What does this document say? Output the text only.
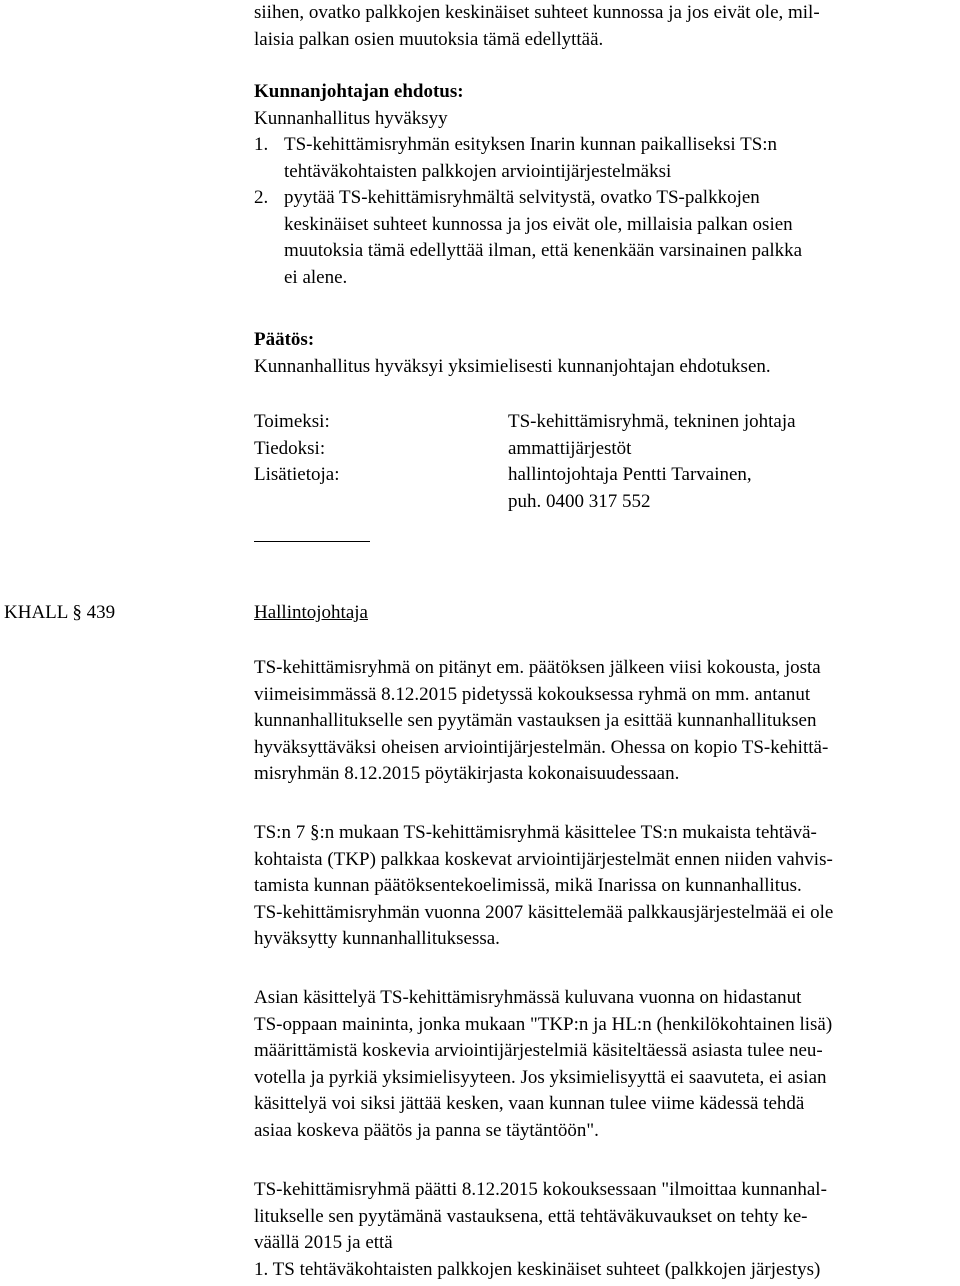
siihen, ovatko palkkojen keskinäiset suhteet kunnossa ja jos eivät ole, mil-
laisia palkan osien muutoksia tämä edellyttää.
Kunnanjohtajan ehdotus:
Kunnanhallitus hyväksyy
1. TS-kehittämisryhmän esityksen Inarin kunnan paikalliseksi TS:n
tehtäväkohtaisten palkkojen arviointijärjestelmäksi
2. pyytää TS-kehittämisryhmältä selvitystä, ovatko TS-palkkojen
keskinäiset suhteet kunnossa ja jos eivät ole, millaisia palkan osien
muutoksia tämä edellyttää ilman, että kenenkään varsinainen palkka
ei alene.
Päätös:
Kunnanhallitus hyväksyi yksimielisesti kunnanjohtajan ehdotuksen.
Toimeksi:	TS-kehittämisryhmä, tekninen johtaja
Tiedoksi:	ammattijärjestöt
Lisätietoja:	hallintojohtaja Pentti Tarvainen,
puh. 0400 317 552
KHALL § 439	Hallintojohtaja
TS-kehittämisryhmä on pitänyt em. päätöksen jälkeen viisi kokousta, josta
viimeisimmässä 8.12.2015 pidetyssä kokouksessa ryhmä on mm. antanut
kunnanhallitukselle sen pyytämän vastauksen ja esittää kunnanhallituksen
hyväksyttäväksi oheisen arviointijärjestelmän. Ohessa on kopio TS-kehittä-
misryhmän 8.12.2015 pöytäkirjasta kokonaisuudessaan.
TS:n 7 §:n mukaan TS-kehittämisryhmä käsittelee TS:n mukaista tehtävä-
kohtaista (TKP) palkkaa koskevat arviointijärjestelmät ennen niiden vahvis-
tamista kunnan päätöksentekoelimissä, mikä Inarissa on kunnanhallitus.
TS-kehittämisryhmän vuonna 2007 käsittelemää palkkausjärjestelmää ei ole
hyväksytty kunnanhallituksessa.
Asian käsittelyä TS-kehittämisryhmässä kuluvana vuonna on hidastanut
TS-oppaan maininta, jonka mukaan "TKP:n ja HL:n (henkilökohtainen lisä)
määrittämistä koskevia arviointijärjestelmiä käsiteltäessä asiasta tulee neu-
votella ja pyrkiä yksimielisyyteen. Jos yksimielisyyttä ei saavuteta, ei asian
käsittelyä voi siksi jättää kesken, vaan kunnan tulee viime kädessä tehdä
asiaa koskeva päätös ja panna se täytäntöön".
TS-kehittämisryhmä päätti 8.12.2015 kokouksessaan "ilmoittaa kunnanhal-
litukselle sen pyytämänä vastauksena, että tehtäväkuvaukset on tehty ke-
väällä 2015 ja että
1. TS tehtäväkohtaisten palkkojen keskinäiset suhteet (palkkojen järjestys)
